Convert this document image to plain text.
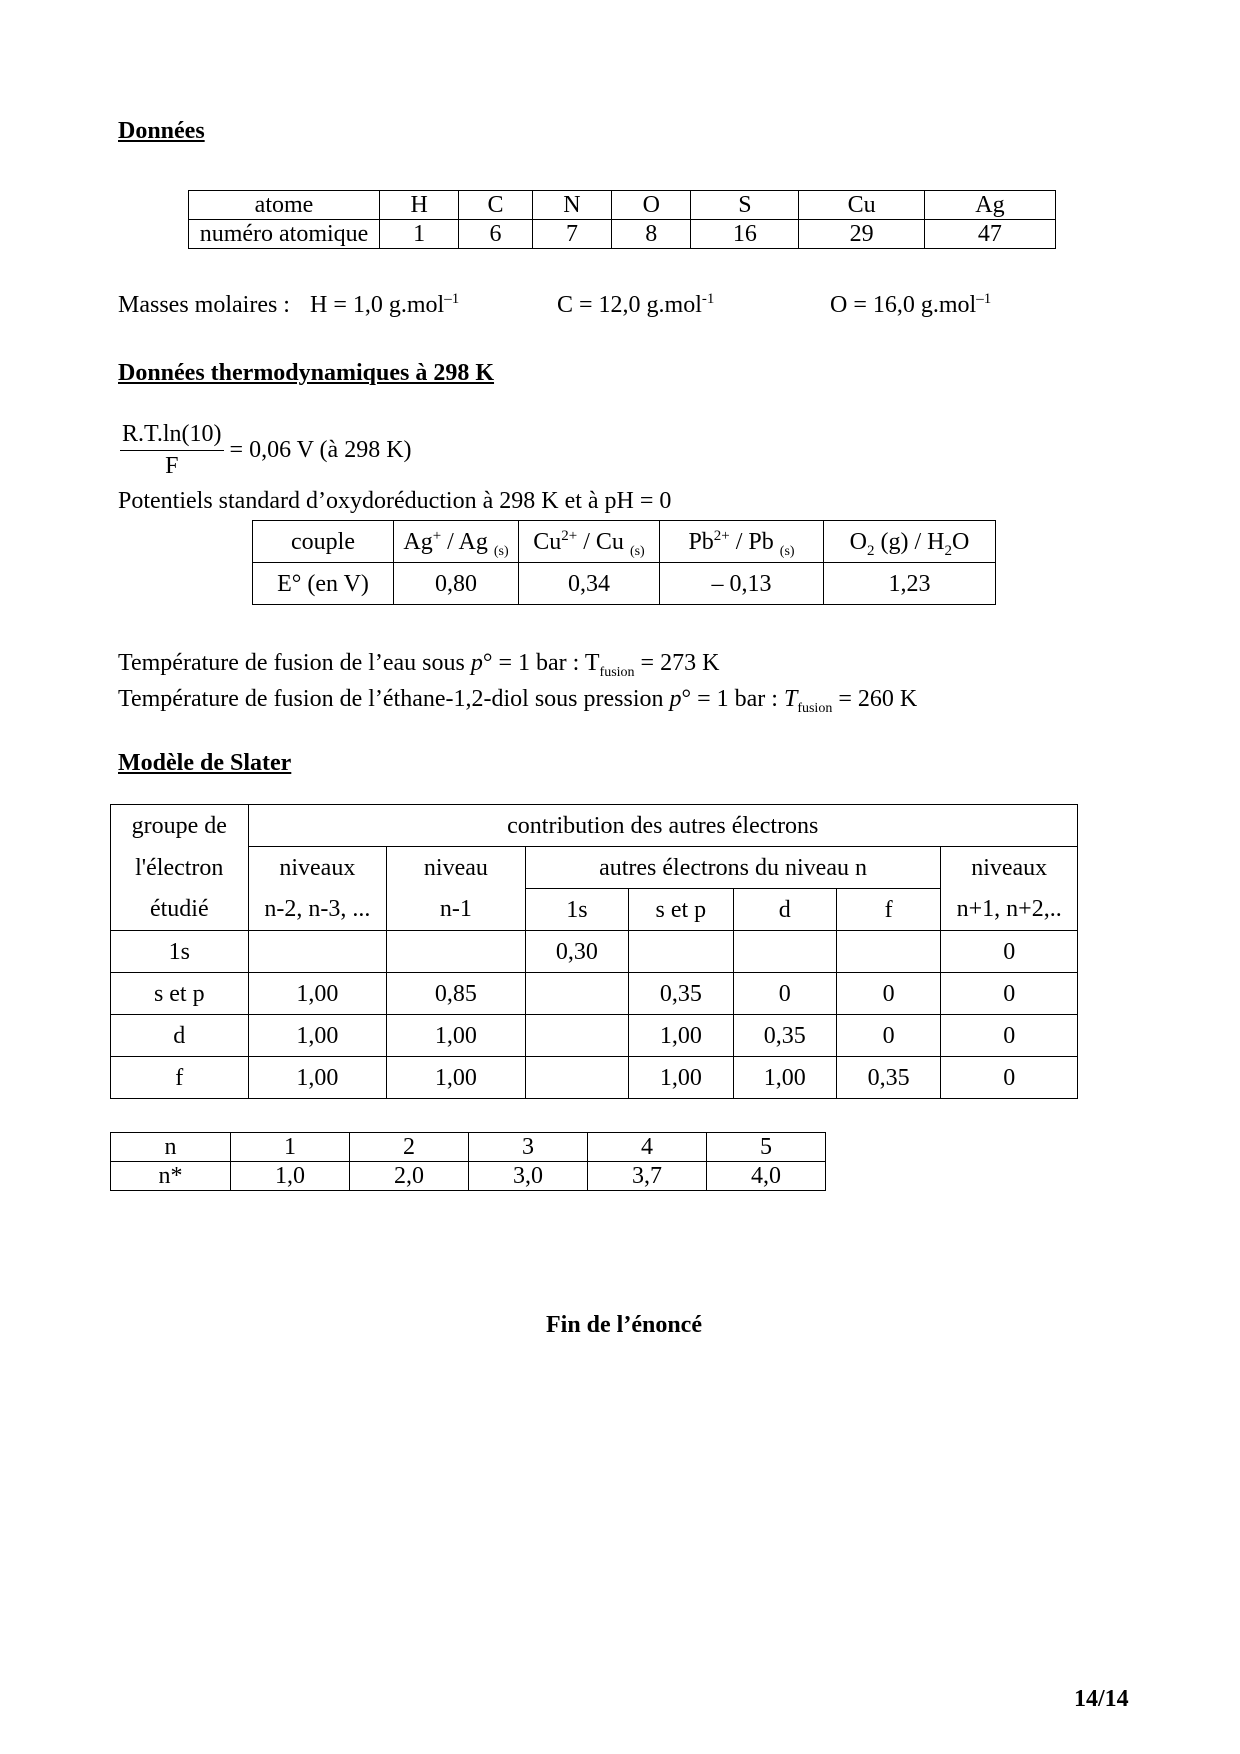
Données
atome	H	C	N	O	S	Cu	Ag
numéro atomique	1	6	7	8	16	29	47
Masses molaires : H = 1,0 g.mol$^{-1}$	C = 12,0 g.mol$^{-1}$	O = 16,0 g.mol$^{-1}$
Données thermodynamiques à 298 K
$\frac{R.T.\ln(10)}{F} = 0,06$ V (à 298 K)
Potentiels standard d’oxydoréduction à 298 K et à pH = 0
couple	Ag+ / Ag $_{(s)}$	$Cu^{2+}$ / Cu $_{(s)}$	$Pb^{2+}$ / Pb $_{(s)}$	$O_2$ $(g) / H_2O$
E° (en V)	0,80	0,34	– 0,13	1,23
Température de fusion de l’eau sous p° = 1 bar : $T_{fusion} = 273$ K
Température de fusion de l’éthane-1,2-diol sous pression p° = 1 bar : $T_{fusion} = 260$ K
Modèle de Slater
groupe de	contribution des autres électrons						
l'électron	niveaux	niveau	autres électrons du niveau n				niveaux
étudié	n-2, n-3, ...	n-1	1s	s et p	d	f	n+1, n+2,..
1s			0,30				0
s et p	1,00	0,85		0,35	0	0	0
d	1,00	1,00		1,00	0,35	0	0
f	1,00	1,00		1,00	1,00	0,35	0
n	1	2	3	4	5
n*	1,0	2,0	3,0	3,7	4,0
Fin de l’énoncé
14/14
